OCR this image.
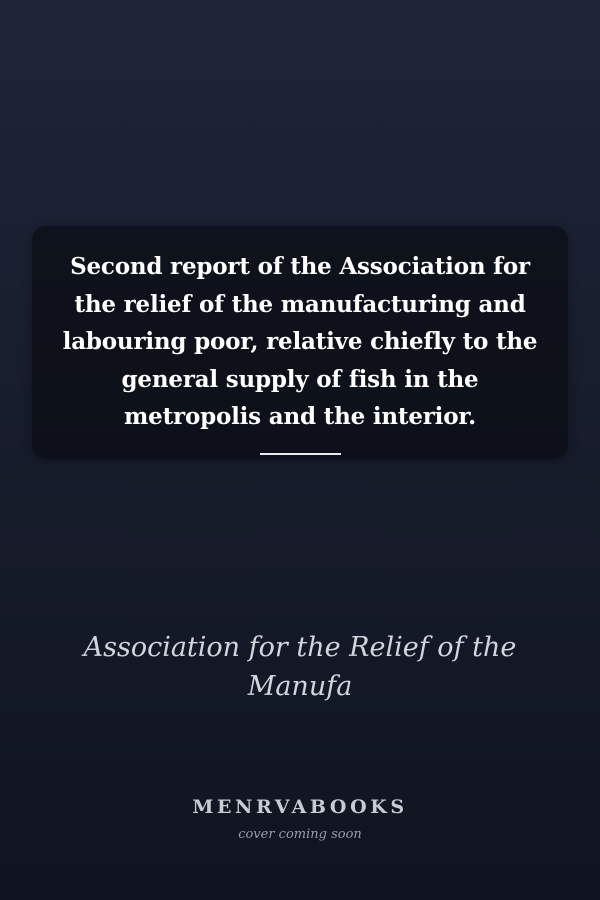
Second report of the Association for the relief of the manufacturing and labouring poor, relative chiefly to the general supply of fish in the metropolis and the interior.

Association for the Relief of the Manufa

MENRVABOOKS
cover coming soon
